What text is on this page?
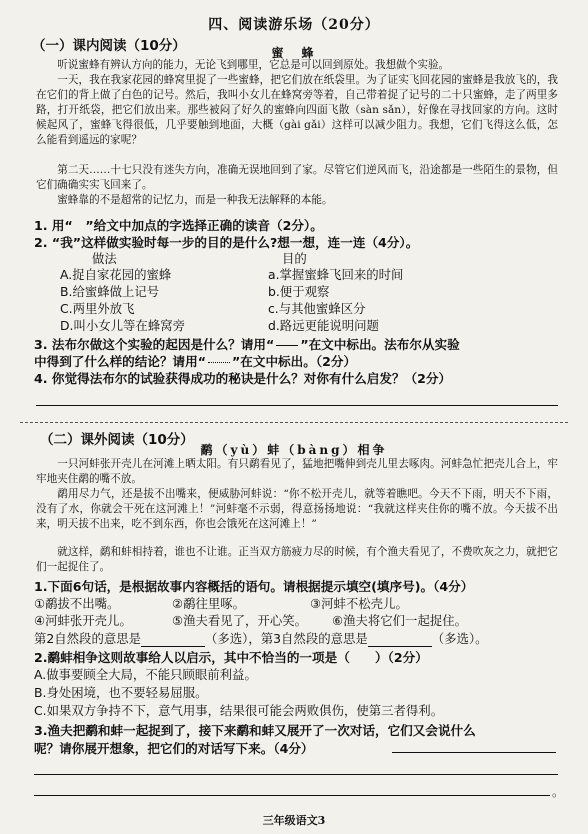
四、阅读游乐场（20分）
（一）课内阅读（10分）	蜜　蜂
听说蜜蜂有辨认方向的能力，无论飞到哪里，它总是可以回到原处。我想做个实验。
一天，我在我家花园的蜂窝里捉了一些蜜蜂，把它们放在纸袋里。为了证实飞回花园的蜜蜂是我放飞的，我在它们的背上做了白色的记号。然后，我叫小女儿在蜂窝旁等着，自己带着捉了记号的二十只蜜蜂，走了两里多路，打开纸袋，把它们放出来。那些被闷了好久的蜜蜂向四面飞散（sàn sǎn），好像在寻找回家的方向。这时候起风了，蜜蜂飞得很低，几乎要触到地面，大概（gài gǎi）这样可以减少阻力。我想，它们飞得这么低，怎么能看到遥远的家呢？
第二天……十七只没有迷失方向，准确无误地回到了家。尽管它们逆风而飞，沿途都是一些陌生的景物，但它们确确实实飞回来了。
蜜蜂靠的不是超常的记忆力，而是一种我无法解释的本能。
1. 用“　”给文中加点的字选择正确的读音（2分）。
2. “我”这样做实验时每一步的目的是什么?想一想，连一连（4分）。
做法	目的
A.捉自家花园的蜜蜂
B.给蜜蜂做上记号
C.两里外放飞
D.叫小女儿等在蜂窝旁
a.掌握蜜蜂飞回来的时间
b.便于观察
c.与其他蜜蜂区分
d.路远更能说明问题
3. 法布尔做这个实验的起因是什么？请用“ ”在文中标出。法布尔从实验
中得到了什么样的结论？请用“ ”在文中标出。（2分）
4. 你觉得法布尔的试验获得成功的秘诀是什么？对你有什么启发？（2分）
（二）课外阅读（10分）
鹬（yù）蚌（bàng）相争
一只河蚌张开壳儿在河滩上晒太阳。有只鹬看见了，猛地把嘴伸到壳儿里去啄肉。河蚌急忙把壳儿合上，牢牢地夹住鹬的嘴不放。
鹬用尽力气，还是拔不出嘴来，便威胁河蚌说：“你不松开壳儿，就等着瞧吧。今天不下雨，明天不下雨，没有了水，你就会干死在这河滩上！”河蚌毫不示弱，得意扬扬地说：“我就这样夹住你的嘴不放。今天拔不出来，明天拔不出来，吃不到东西，你也会饿死在这河滩上！”
就这样，鹬和蚌相持着，谁也不让谁。正当双方筋疲力尽的时候，有个渔夫看见了，不费吹灰之力，就把它们一起捉住了。
1.下面6句话，是根据故事内容概括的语句。请根据提示填空(填序号)。（4分）
①鹬拔不出嘴。	②鹬往里啄。	③河蚌不松壳儿。
④河蚌张开壳儿。	⑤渔夫看见了，开心笑。 ⑥渔夫将它们一起捉住。
第2自然段的意思是	（多选），第3自然段的意思是	（多选）。
2.鹬蚌相争这则故事给人以启示，其中不恰当的一项是（　　）（2分）
A.做事要顾全大局，不能只顾眼前利益。
B.身处困境，也不要轻易屈服。
C.如果双方争持不下，意气用事，结果很可能会两败俱伤，使第三者得利。
3.渔夫把鹬和蚌一起捉到了，接下来鹬和蚌又展开了一次对话，它们又会说什么
呢？请你展开想象，把它们的对话写下来。（4分）
。
三年级语文3
